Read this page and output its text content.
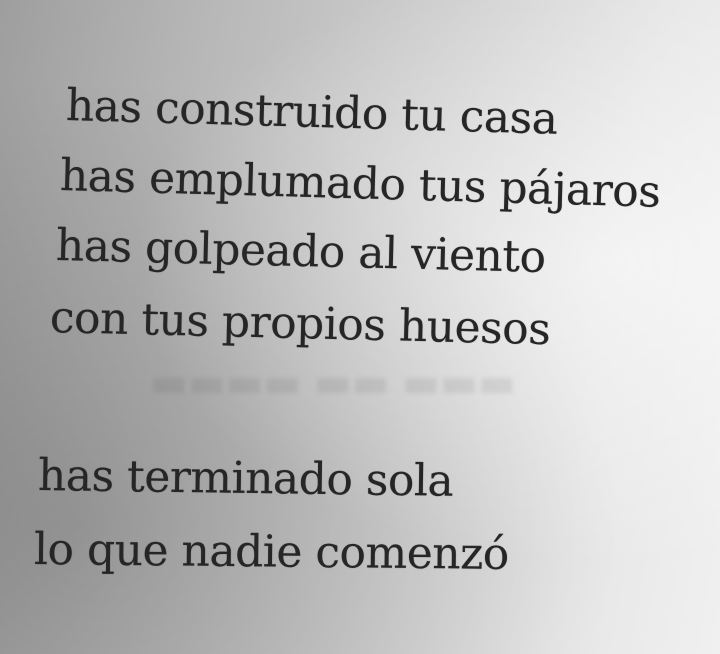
▬▬▬ ▬▬ ▬▬▬▬
has construido tu casa
has emplumado tus pájaros
has golpeado al viento
con tus propios huesos
has terminado sola
lo que nadie comenzó
